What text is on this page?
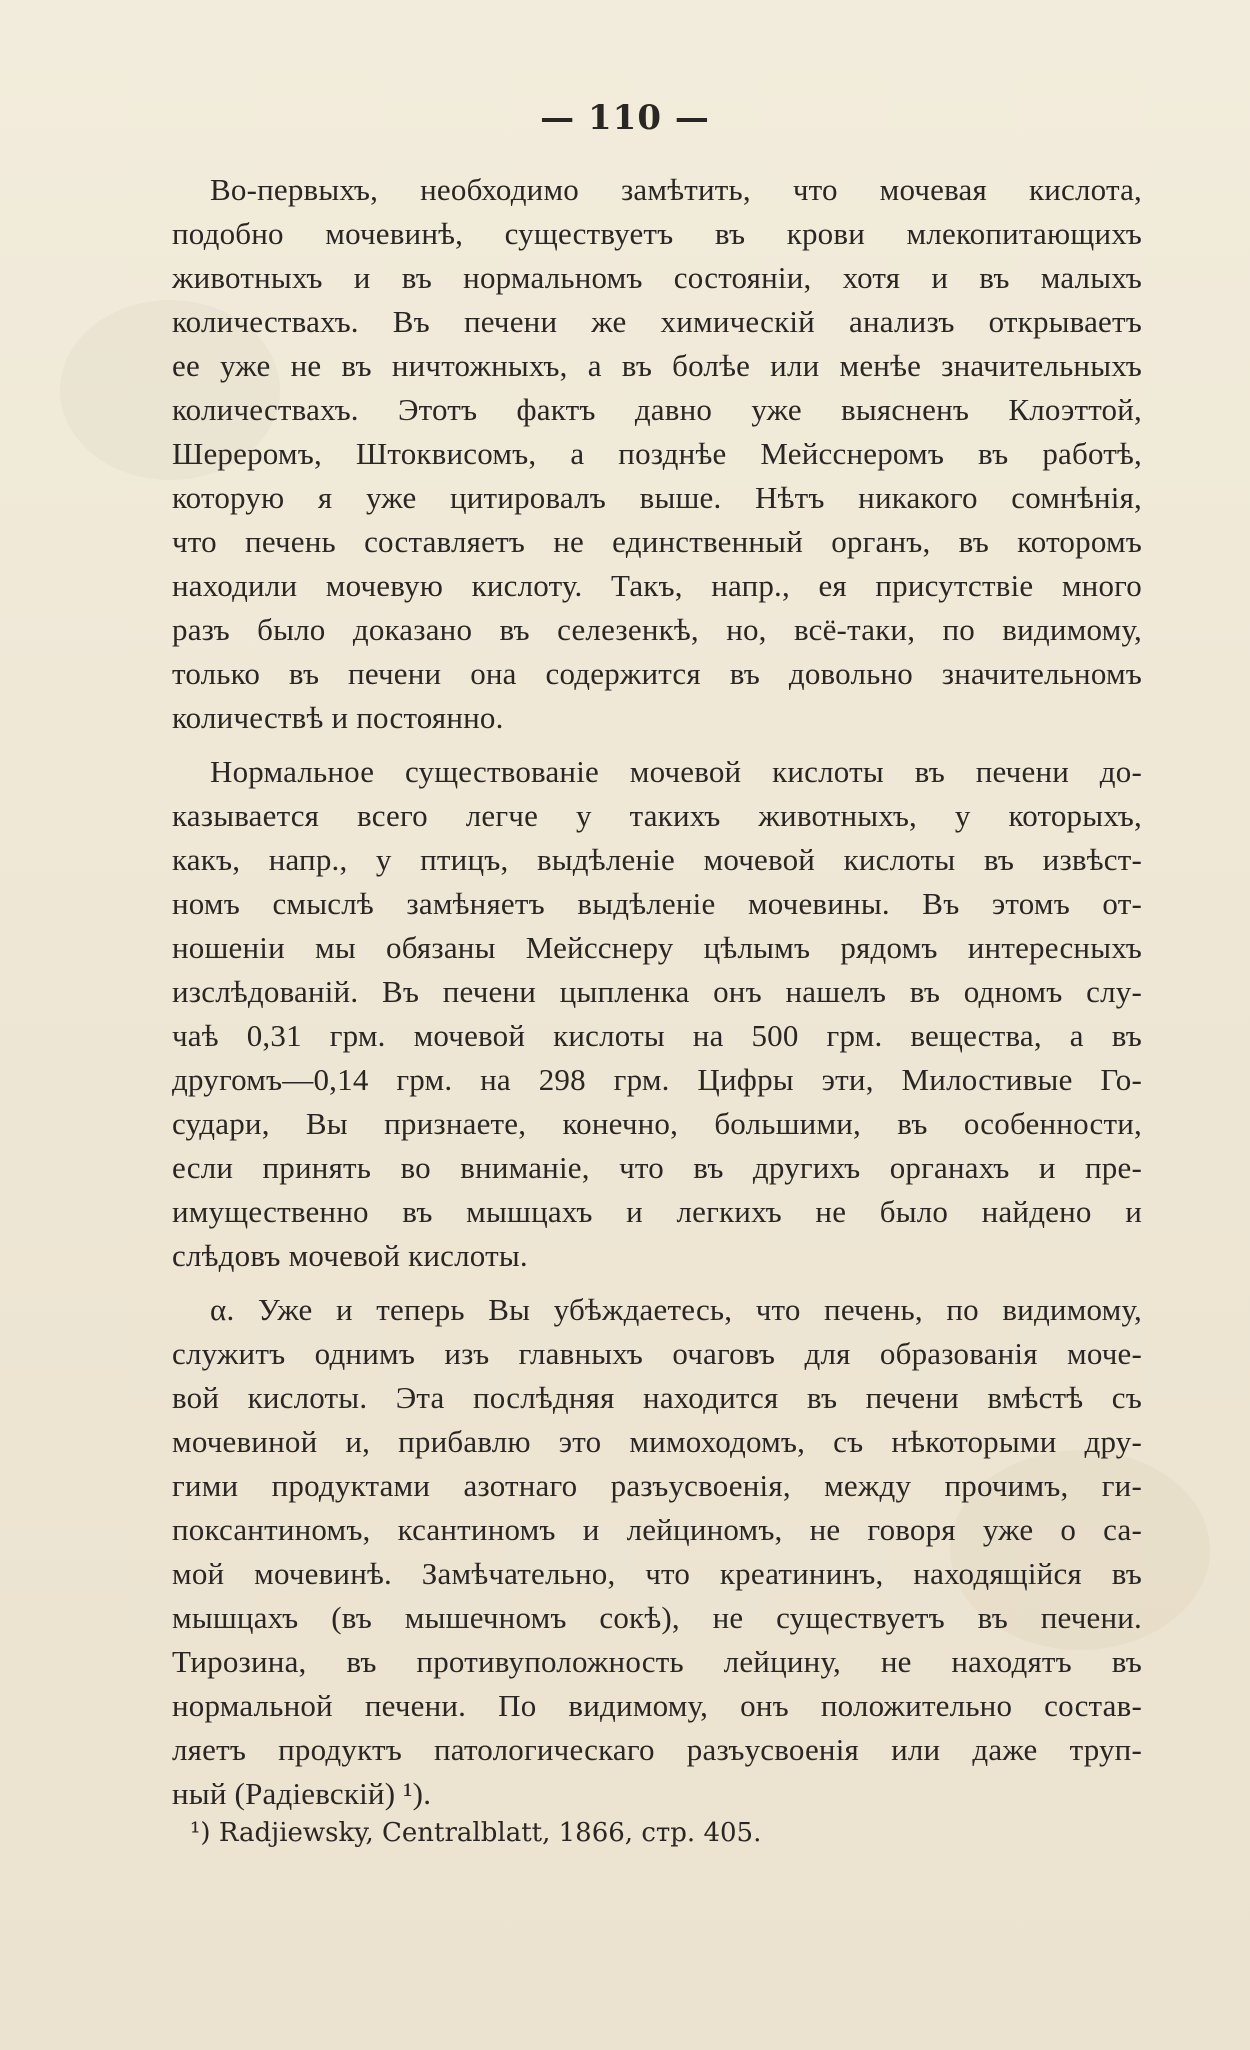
— 110 —
Во-первыхъ, необходимо замѣтить, что мочевая кислота,
подобно мочевинѣ, существуетъ въ крови млекопитающихъ
животныхъ и въ нормальномъ состояніи, хотя и въ малыхъ
количествахъ. Въ печени же химическій анализъ открываетъ
ее уже не въ ничтожныхъ, а въ болѣе или менѣе значительныхъ
количествахъ. Этотъ фактъ давно уже выясненъ Клоэттой,
Шереромъ, Штоквисомъ, а позднѣе Мейсснеромъ въ работѣ,
которую я уже цитировалъ выше. Нѣтъ никакого сомнѣнія,
что печень составляетъ не единственный органъ, въ которомъ
находили мочевую кислоту. Такъ, напр., ея присутствіе много
разъ было доказано въ селезенкѣ, но, всё-таки, по видимому,
только въ печени она содержится въ довольно значительномъ
количествѣ и постоянно.
Нормальное существованіе мочевой кислоты въ печени до-
казывается всего легче у такихъ животныхъ, у которыхъ,
какъ, напр., у птицъ, выдѣленіе мочевой кислоты въ извѣст-
номъ смыслѣ замѣняетъ выдѣленіе мочевины. Въ этомъ от-
ношеніи мы обязаны Мейсснеру цѣлымъ рядомъ интересныхъ
изслѣдованій. Въ печени цыпленка онъ нашелъ въ одномъ слу-
чаѣ 0,31 грм. мочевой кислоты на 500 грм. вещества, а въ
другомъ—0,14 грм. на 298 грм. Цифры эти, Милостивые Го-
судари, Вы признаете, конечно, большими, въ особенности,
если принять во вниманіе, что въ другихъ органахъ и пре-
имущественно въ мышцахъ и легкихъ не было найдено и
слѣдовъ мочевой кислоты.
α. Уже и теперь Вы убѣждаетесь, что печень, по видимому,
служитъ однимъ изъ главныхъ очаговъ для образованія моче-
вой кислоты. Эта послѣдняя находится въ печени вмѣстѣ съ
мочевиной и, прибавлю это мимоходомъ, съ нѣкоторыми дру-
гими продуктами азотнаго разъусвоенія, между прочимъ, ги-
поксантиномъ, ксантиномъ и лейциномъ, не говоря уже о са-
мой мочевинѣ. Замѣчательно, что креатининъ, находящійся въ
мышцахъ (въ мышечномъ сокѣ), не существуетъ въ печени.
Тирозина, въ противуположность лейцину, не находятъ въ
нормальной печени. По видимому, онъ положительно состав-
ляетъ продуктъ патологическаго разъусвоенія или даже труп-
ный (Радіевскій) ¹).
¹) Radjiewsky, Centralblatt, 1866, стр. 405.
